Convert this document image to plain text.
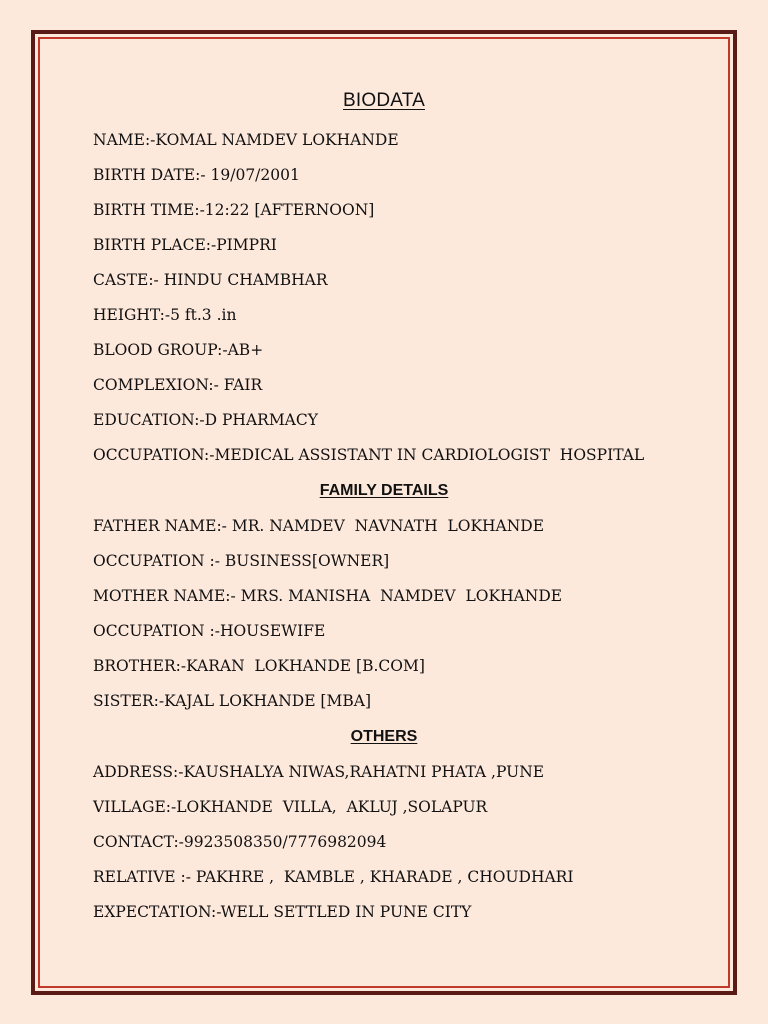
BIODATA
NAME:-KOMAL NAMDEV LOKHANDE
BIRTH DATE:- 19/07/2001
BIRTH TIME:-12:22 [AFTERNOON]
BIRTH PLACE:-PIMPRI
CASTE:- HINDU CHAMBHAR
HEIGHT:-5 ft.3 .in
BLOOD GROUP:-AB+
COMPLEXION:- FAIR
EDUCATION:-D PHARMACY
OCCUPATION:-MEDICAL ASSISTANT IN CARDIOLOGIST  HOSPITAL
FAMILY DETAILS
FATHER NAME:- MR. NAMDEV  NAVNATH  LOKHANDE
OCCUPATION :- BUSINESS[OWNER]
MOTHER NAME:- MRS. MANISHA  NAMDEV  LOKHANDE
OCCUPATION :-HOUSEWIFE
BROTHER:-KARAN  LOKHANDE [B.COM]
SISTER:-KAJAL LOKHANDE [MBA]
OTHERS
ADDRESS:-KAUSHALYA NIWAS,RAHATNI PHATA ,PUNE
VILLAGE:-LOKHANDE  VILLA,  AKLUJ ,SOLAPUR
CONTACT:-9923508350/7776982094
RELATIVE :- PAKHRE ,  KAMBLE , KHARADE , CHOUDHARI
EXPECTATION:-WELL SETTLED IN PUNE CITY
